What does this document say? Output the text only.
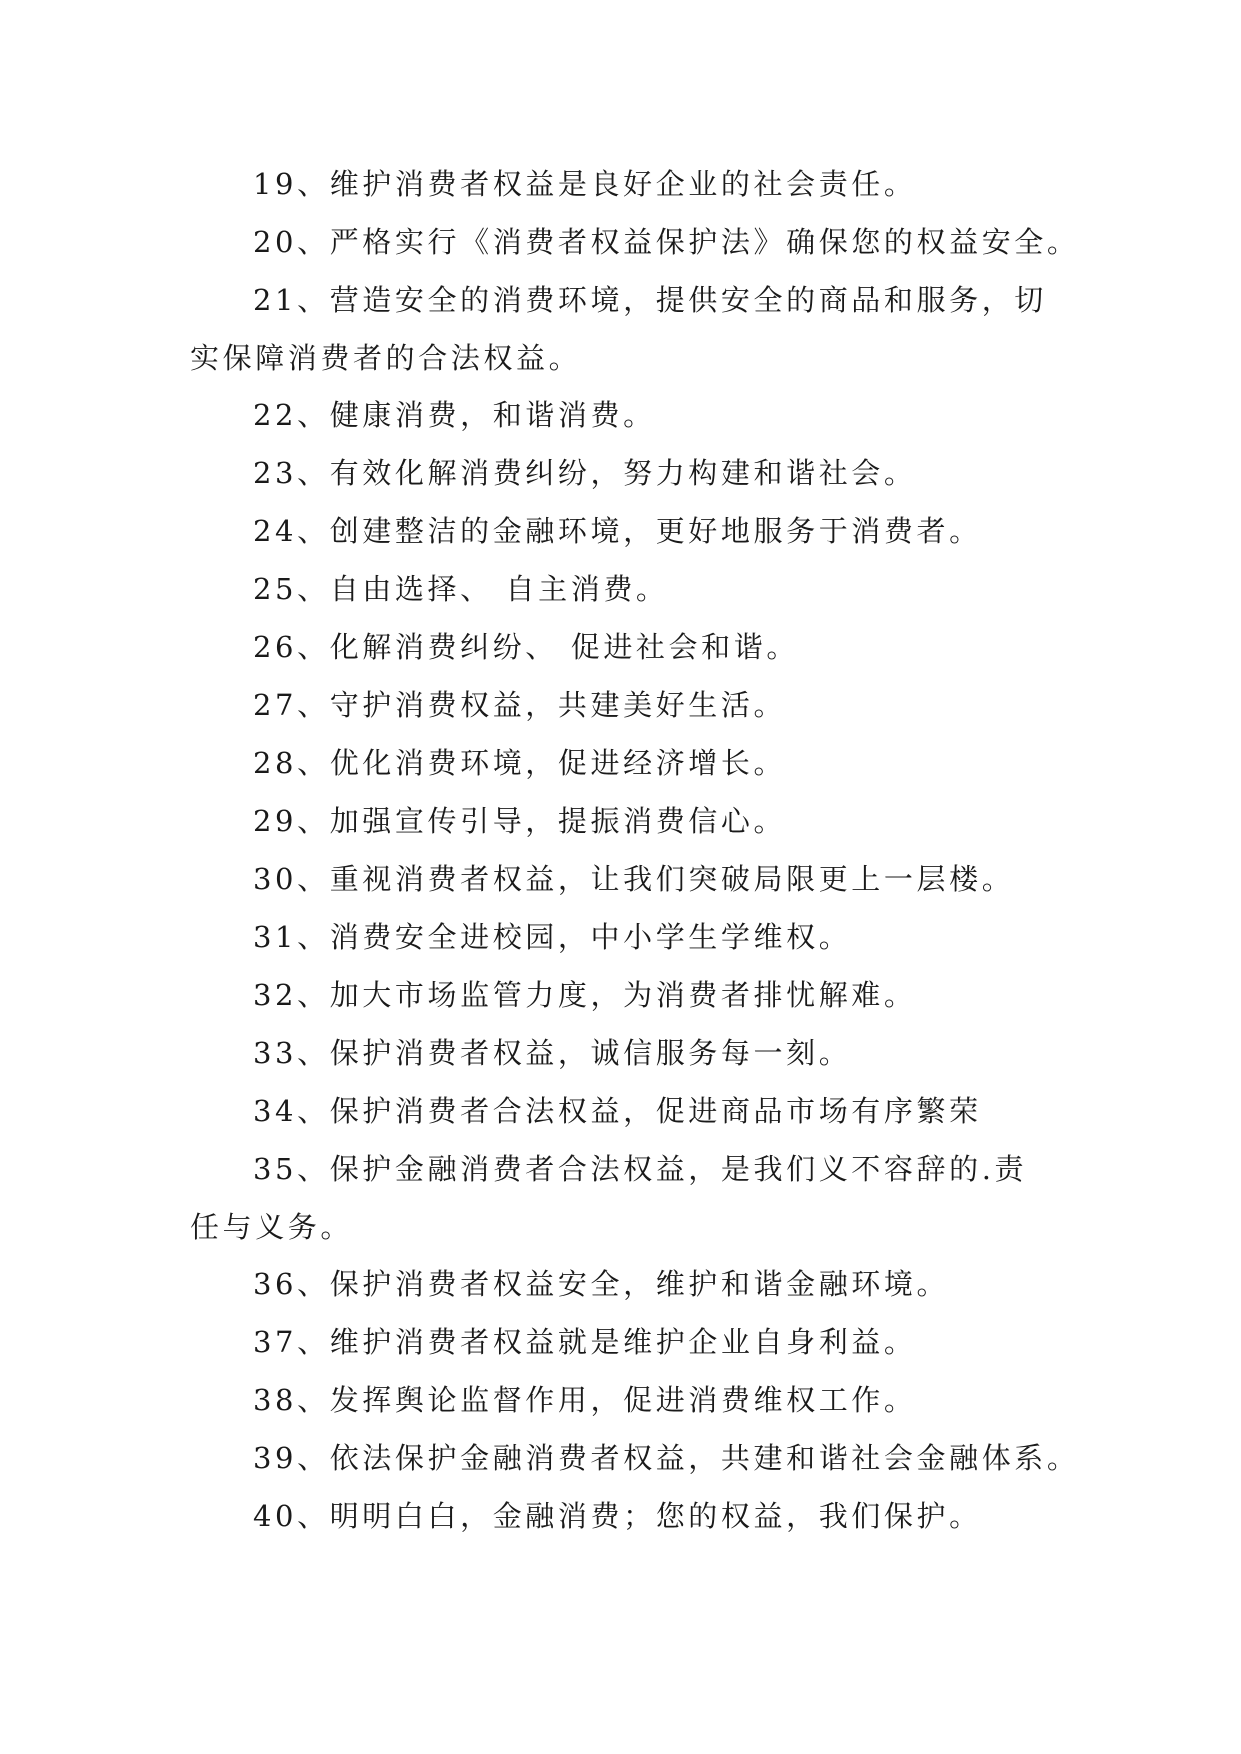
19、维护消费者权益是良好企业的社会责任。
20、严格实行《消费者权益保护法》确保您的权益安全。
21、营造安全的消费环境，提供安全的商品和服务，切
实保障消费者的合法权益。
22、健康消费，和谐消费。
23、有效化解消费纠纷，努力构建和谐社会。
24、创建整洁的金融环境，更好地服务于消费者。
25、自由选择、 自主消费。
26、化解消费纠纷、 促进社会和谐。
27、守护消费权益，共建美好生活。
28、优化消费环境，促进经济增长。
29、加强宣传引导，提振消费信心。
30、重视消费者权益，让我们突破局限更上一层楼。
31、消费安全进校园，中小学生学维权。
32、加大市场监管力度，为消费者排忧解难。
33、保护消费者权益，诚信服务每一刻。
34、保护消费者合法权益，促进商品市场有序繁荣
35、保护金融消费者合法权益，是我们义不容辞的.责
任与义务。
36、保护消费者权益安全，维护和谐金融环境。
37、维护消费者权益就是维护企业自身利益。
38、发挥舆论监督作用，促进消费维权工作。
39、依法保护金融消费者权益，共建和谐社会金融体系。
40、明明白白，金融消费；您的权益，我们保护。
